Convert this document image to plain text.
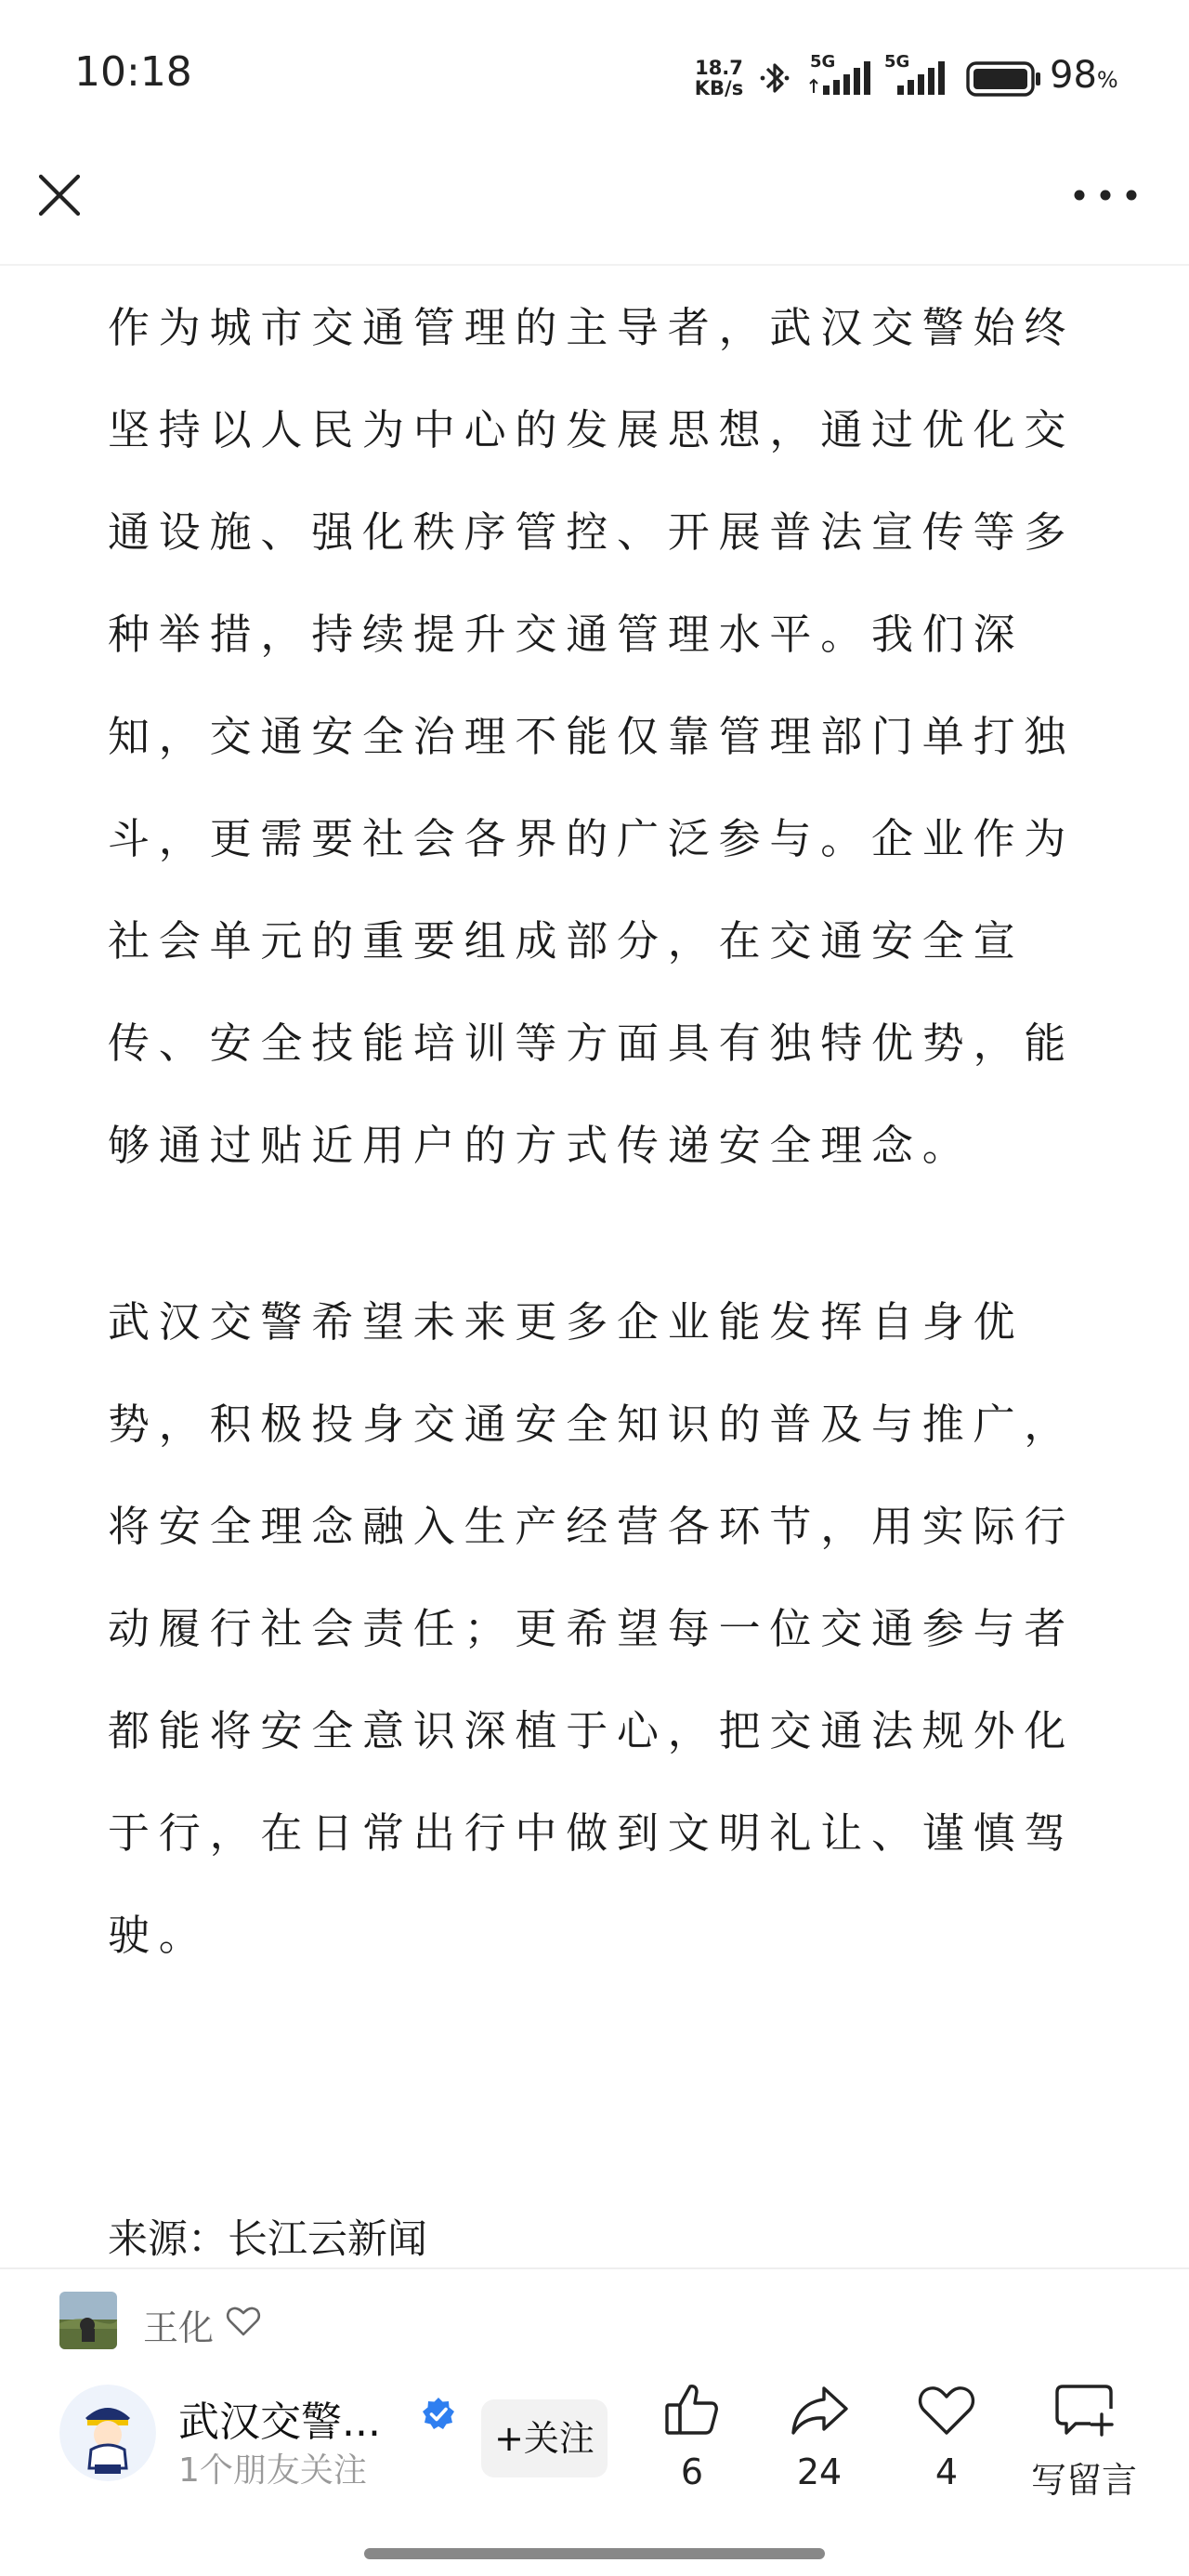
10:18	18.7
KB/s
5G	5G	98%

作为城市交通管理的主导者，武汉交警始终坚持以人民为中心的发展思想，通过优化交通设施、强化秩序管控、开展普法宣传等多种举措，持续提升交通管理水平。我们深知，交通安全治理不能仅靠管理部门单打独斗，更需要社会各界的广泛参与。企业作为社会单元的重要组成部分，在交通安全宣传、安全技能培训等方面具有独特优势，能够通过贴近用户的方式传递安全理念。

武汉交警希望未来更多企业能发挥自身优势，积极投身交通安全知识的普及与推广，将安全理念融入生产经营各环节，用实际行动履行社会责任；更希望每一位交通参与者都能将安全意识深植于心，把交通法规外化于行，在日常出行中做到文明礼让、谨慎驾驶。

来源：长江云新闻
王化
武汉交警...
1个朋友关注
+关注
6	24	4	写留言
